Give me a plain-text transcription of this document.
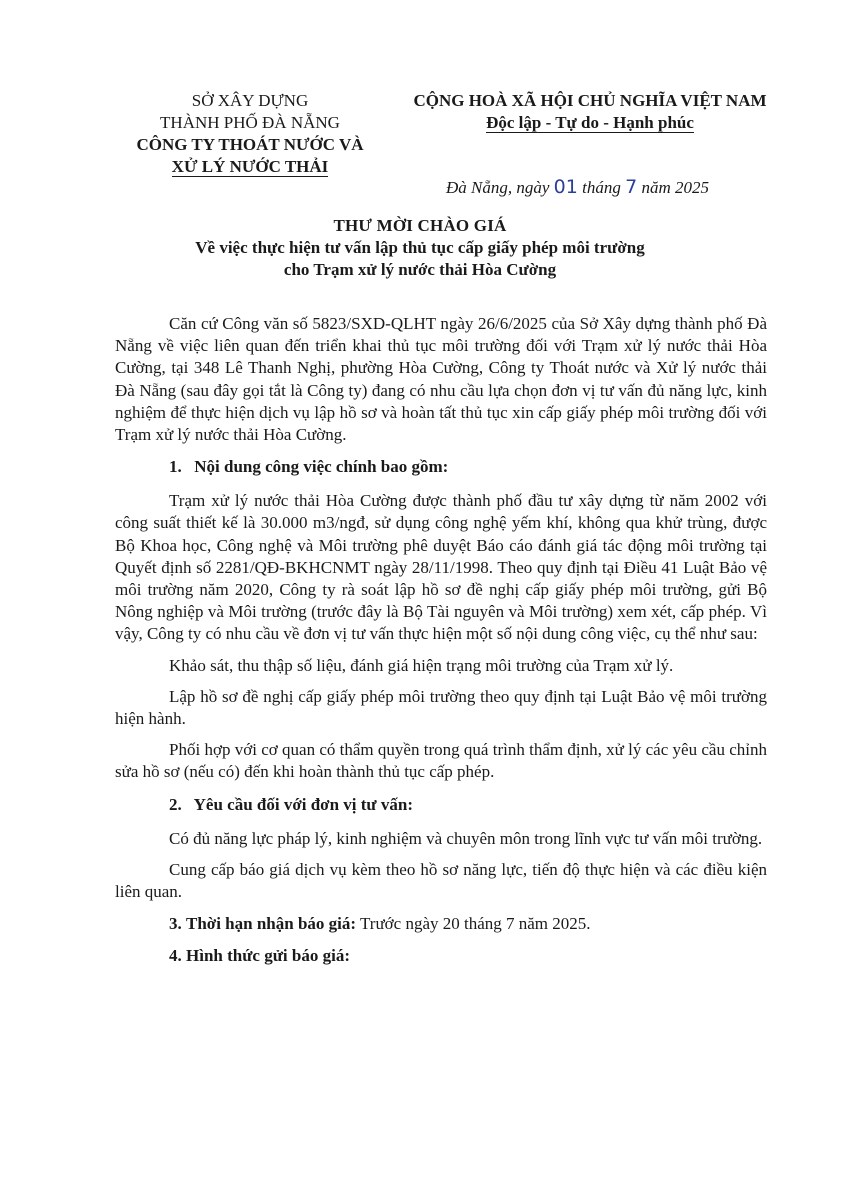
SỞ XÂY DỰNG
THÀNH PHỐ ĐÀ NẴNG
CÔNG TY THOÁT NƯỚC VÀ
XỬ LÝ NƯỚC THẢI
CỘNG HOÀ XÃ HỘI CHỦ NGHĨA VIỆT NAM
Độc lập - Tự do - Hạnh phúc
Đà Nẵng, ngày 01 tháng 7 năm 2025
THƯ MỜI CHÀO GIÁ
Về việc thực hiện tư vấn lập thủ tục cấp giấy phép môi trường
cho Trạm xử lý nước thải Hòa Cường

Căn cứ Công văn số 5823/SXD-QLHT ngày 26/6/2025 của Sở Xây dựng thành phố Đà Nẵng về việc liên quan đến triển khai thủ tục môi trường đối với Trạm xử lý nước thải Hòa Cường, tại 348 Lê Thanh Nghị, phường Hòa Cường, Công ty Thoát nước và Xử lý nước thải Đà Nẵng (sau đây gọi tắt là Công ty) đang có nhu cầu lựa chọn đơn vị tư vấn đủ năng lực, kinh nghiệm để thực hiện dịch vụ lập hồ sơ và hoàn tất thủ tục xin cấp giấy phép môi trường đối với Trạm xử lý nước thải Hòa Cường.

1. Nội dung công việc chính bao gồm:

Trạm xử lý nước thải Hòa Cường được thành phố đầu tư xây dựng từ năm 2002 với công suất thiết kế là 30.000 m3/ngđ, sử dụng công nghệ yếm khí, không qua khử trùng, được Bộ Khoa học, Công nghệ và Môi trường phê duyệt Báo cáo đánh giá tác động môi trường tại Quyết định số 2281/QĐ-BKHCNMT ngày 28/11/1998. Theo quy định tại Điều 41 Luật Bảo vệ môi trường năm 2020, Công ty rà soát lập hồ sơ đề nghị cấp giấy phép môi trường, gửi Bộ Nông nghiệp và Môi trường (trước đây là Bộ Tài nguyên và Môi trường) xem xét, cấp phép. Vì vậy, Công ty có nhu cầu về đơn vị tư vấn thực hiện một số nội dung công việc, cụ thể như sau:

Khảo sát, thu thập số liệu, đánh giá hiện trạng môi trường của Trạm xử lý.

Lập hồ sơ đề nghị cấp giấy phép môi trường theo quy định tại Luật Bảo vệ môi trường hiện hành.

Phối hợp với cơ quan có thẩm quyền trong quá trình thẩm định, xử lý các yêu cầu chỉnh sửa hồ sơ (nếu có) đến khi hoàn thành thủ tục cấp phép.

2. Yêu cầu đối với đơn vị tư vấn:

Có đủ năng lực pháp lý, kinh nghiệm và chuyên môn trong lĩnh vực tư vấn môi trường.

Cung cấp báo giá dịch vụ kèm theo hồ sơ năng lực, tiến độ thực hiện và các điều kiện liên quan.

3. Thời hạn nhận báo giá: Trước ngày 20 tháng 7 năm 2025.
4. Hình thức gửi báo giá:
